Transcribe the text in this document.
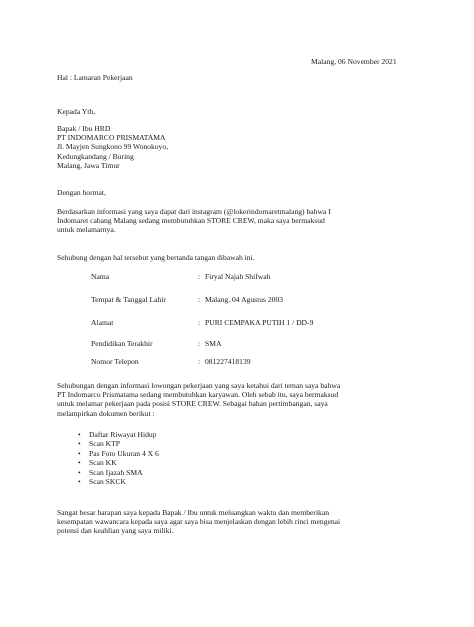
Malang, 06 November 2021
Hal : Lamaran Pekerjaan
Kepada Yth,
Bapak / Ibu HRD
PT INDOMARCO PRISMATAMA
Jl. Mayjen Sungkono 99 Wonokoyo,
Kedungkandang / Buring
Malang, Jawa Timur
Dengan hormat,
Berdasarkan informasi yang saya dapat dari instagram (@lokerindomaretmalang) bahwa I
Indomaret cabang Malang sedang membutuhkan STORE CREW, maka saya bermaksud
untuk melamarnya.
Sehubung dengan hal tersebut yang bertanda tangan dibawah ini.
Nama	: Firyal Najah Shifwah
Tempat & Tanggal Lahir	: Malang, 04 Agustus 2003
Alamat	: PURI CEMPAKA PUTIH 1 / DD-9
Pendidikan Terakhir	: SMA
Nomor Telepon	: 081227418139
Sehubungan dengan informasi lowongan pekerjaan yang saya ketahui dari teman saya bahwa
PT Indomarco Prismatama sedang membutuhkan karyawan. Oleh sebab itu, saya bermaksud
untuk melamar pekerjaan pada posisi STORE CREW. Sebagai bahan pertimbangan, saya
melampirkan dokumen berikut :
• Daftar Riwayat Hidup
• Scan KTP
• Pas Foto Ukuran 4 X 6
• Scan KK
• Scan Ijazah SMA
• Scan SKCK
Sangat besar harapan saya kepada Bapak / Ibu untuk meluangkan waktu dan memberikan
kesempatan wawancara kepada saya agar saya bisa menjelaskan dengan lebih rinci mengenai
potensi dan keahlian yang saya miliki.
